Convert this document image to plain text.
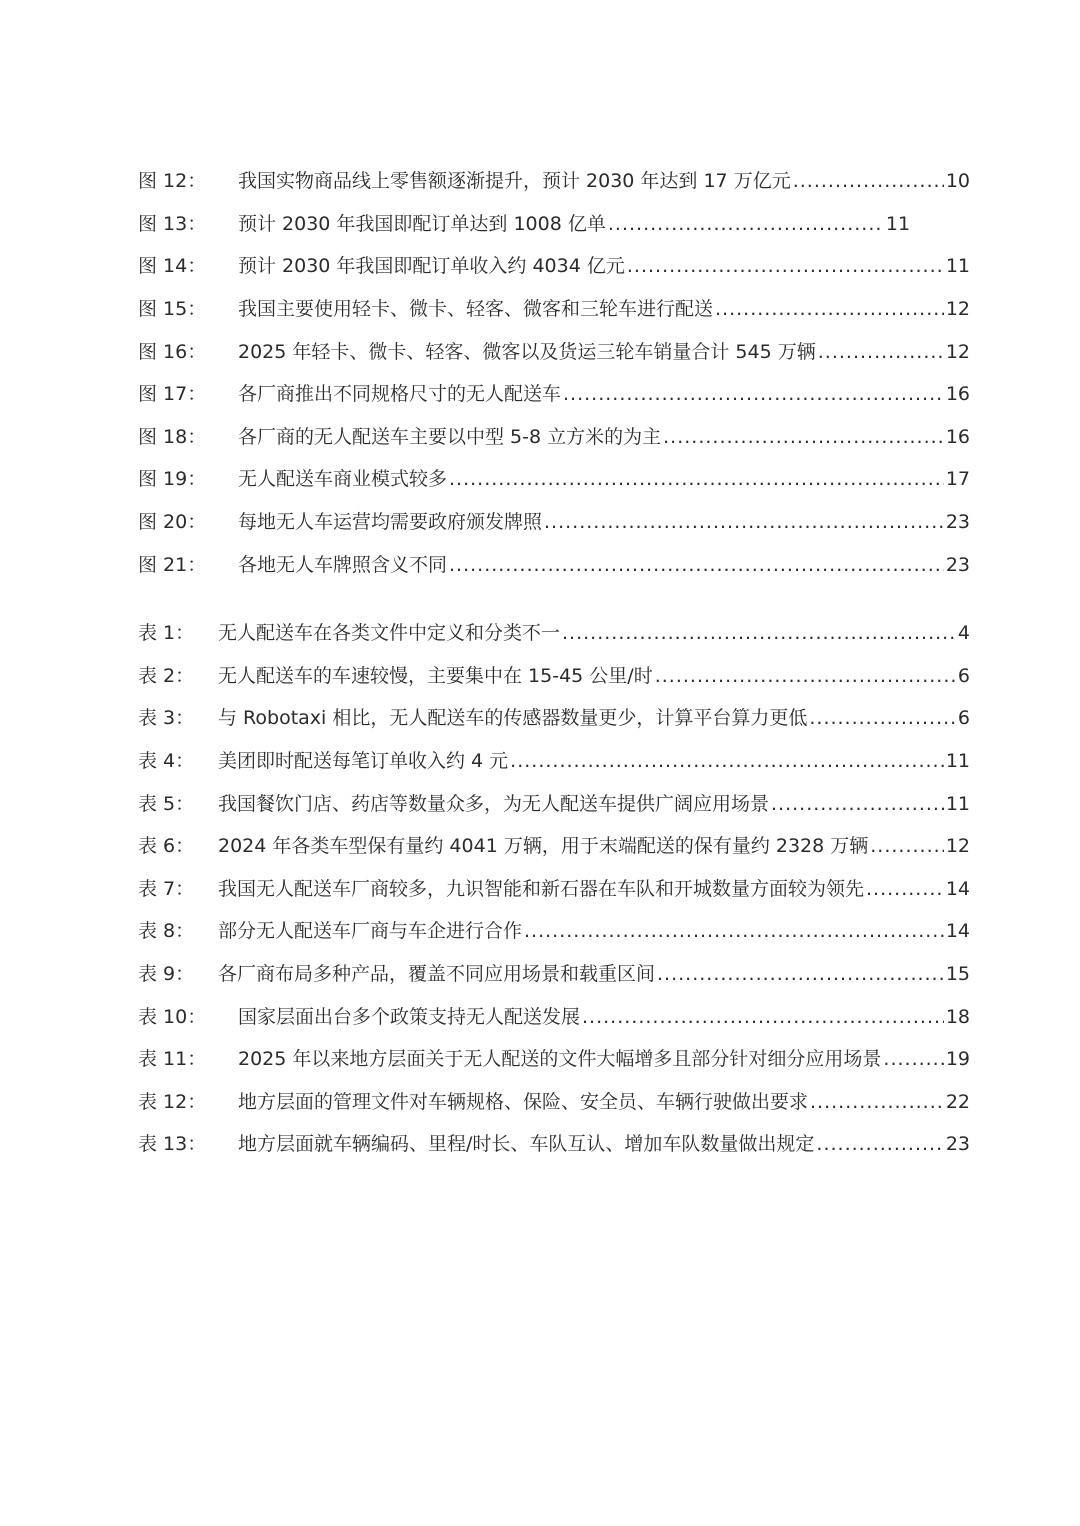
图 12：	我国实物商品线上零售额逐渐提升，预计 2030 年达到 17 万亿元 .....	10
图 13：	预计 2030 年我国即配订单达到 1008 亿单 .....	11
图 14：	预计 2030 年我国即配订单收入约 4034 亿元 .....	11
图 15：	我国主要使用轻卡、微卡、轻客、微客和三轮车进行配送 .....	12
图 16：	2025 年轻卡、微卡、轻客、微客以及货运三轮车销量合计 545 万辆 .....	12
图 17：	各厂商推出不同规格尺寸的无人配送车 .....	16
图 18：	各厂商的无人配送车主要以中型 5-8 立方米的为主 .....	16
图 19：	无人配送车商业模式较多 .....	17
图 20：	每地无人车运营均需要政府颁发牌照 .....	23
图 21：	各地无人车牌照含义不同 .....	23
表 1：	无人配送车在各类文件中定义和分类不一 .....	4
表 2：	无人配送车的车速较慢，主要集中在 15-45 公里/时 .....	6
表 3：	与 Robotaxi 相比，无人配送车的传感器数量更少，计算平台算力更低 .....	6
表 4：	美团即时配送每笔订单收入约 4 元 .....	11
表 5：	我国餐饮门店、药店等数量众多，为无人配送车提供广阔应用场景 .....	11
表 6：	2024 年各类车型保有量约 4041 万辆，用于末端配送的保有量约 2328 万辆 .....	12
表 7：	我国无人配送车厂商较多，九识智能和新石器在车队和开城数量方面较为领先 .....	14
表 8：	部分无人配送车厂商与车企进行合作 .....	14
表 9：	各厂商布局多种产品，覆盖不同应用场景和载重区间 .....	15
表 10：	国家层面出台多个政策支持无人配送发展 .....	18
表 11：	2025 年以来地方层面关于无人配送的文件大幅增多且部分针对细分应用场景 .....	19
表 12：	地方层面的管理文件对车辆规格、保险、安全员、车辆行驶做出要求 .....	22
表 13：	地方层面就车辆编码、里程/时长、车队互认、增加车队数量做出规定 .....	23
